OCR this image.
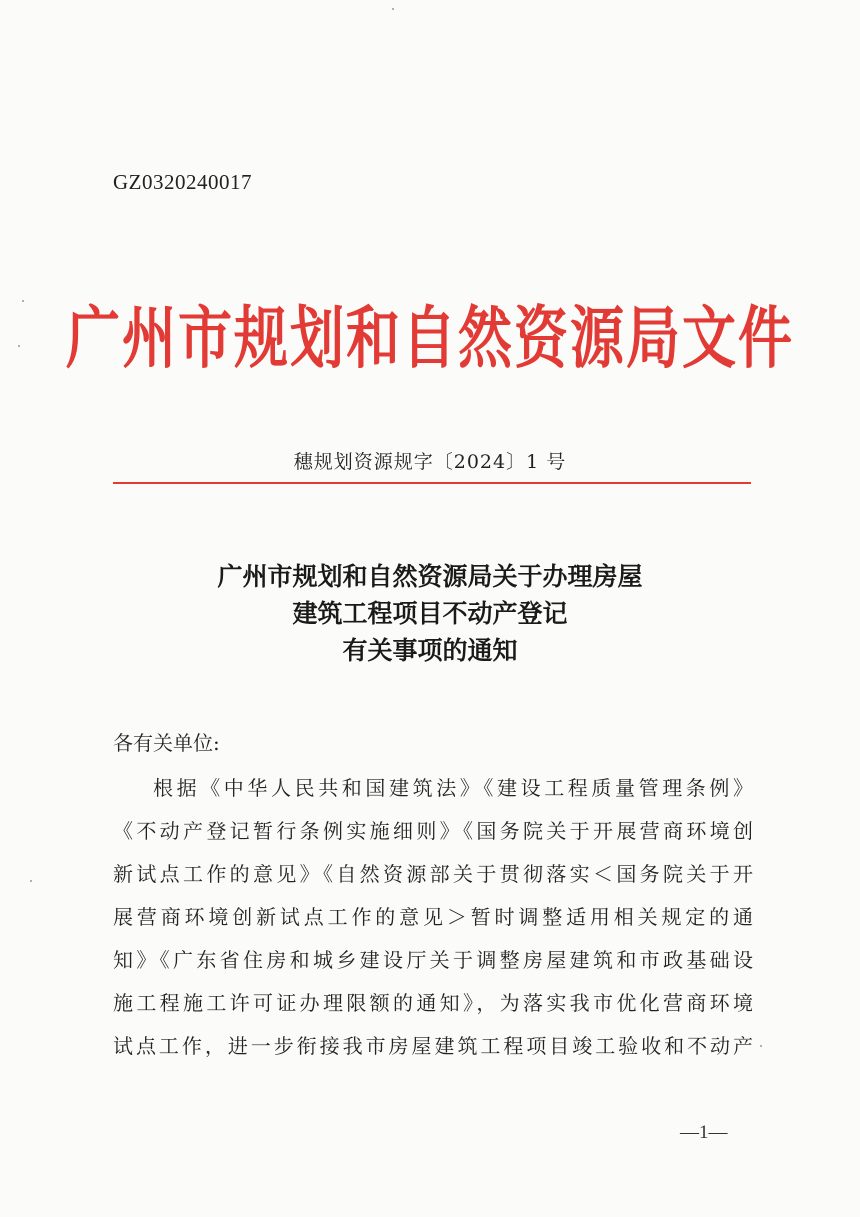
GZ0320240017
广州市规划和自然资源局文件
穗规划资源规字〔2024〕1 号
广州市规划和自然资源局关于办理房屋
建筑工程项目不动产登记
有关事项的通知
各有关单位:
根据《中华人民共和国建筑法》《建设工程质量管理条例》
《不动产登记暂行条例实施细则》《国务院关于开展营商环境创
新试点工作的意见》《自然资源部关于贯彻落实＜国务院关于开
展营商环境创新试点工作的意见＞暂时调整适用相关规定的通
知》《广东省住房和城乡建设厅关于调整房屋建筑和市政基础设
施工程施工许可证办理限额的通知》，为落实我市优化营商环境
试点工作，进一步衔接我市房屋建筑工程项目竣工验收和不动产
—1—
